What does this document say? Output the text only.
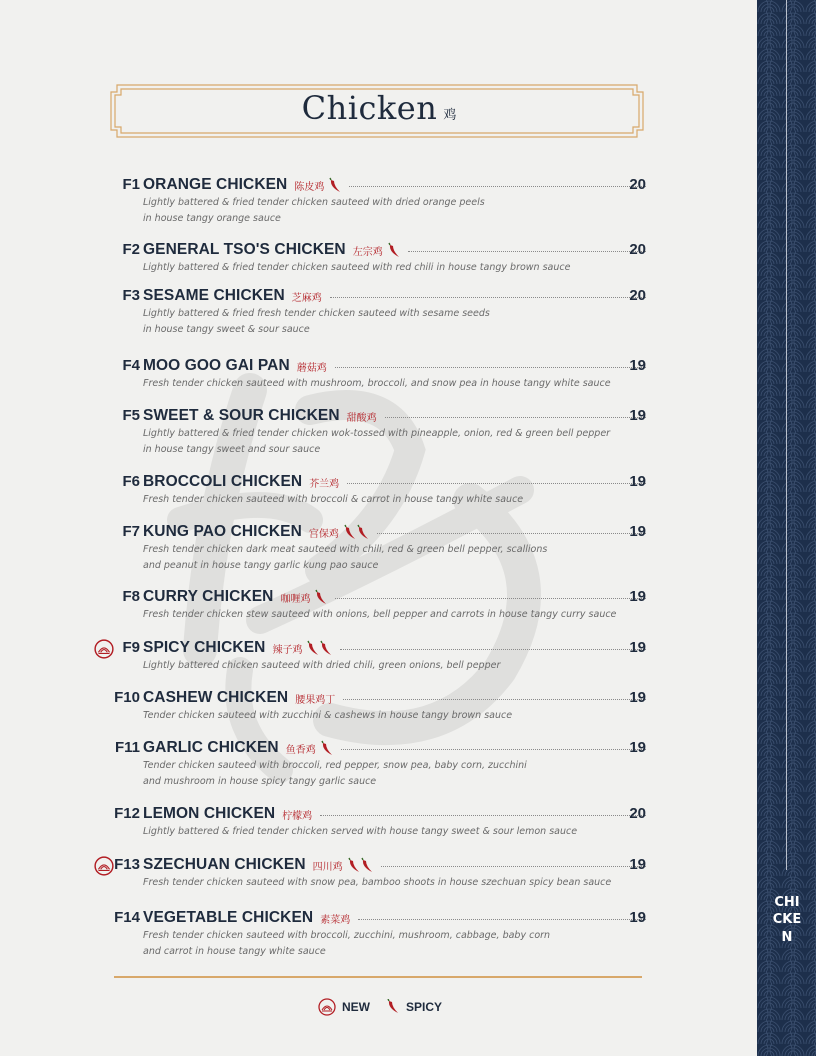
Chicken 鸡
F1 ORANGE CHICKEN 陈皮鸡	20
Lightly battered & fried tender chicken sauteed with dried orange peels
in house tangy orange sauce
F2 GENERAL TSO'S CHICKEN 左宗鸡	20
Lightly battered & fried tender chicken sauteed with red chili in house tangy brown sauce
F3 SESAME CHICKEN 芝麻鸡	20
Lightly battered & fried fresh tender chicken sauteed with sesame seeds
in house tangy sweet & sour sauce
F4 MOO GOO GAI PAN 蘑菇鸡	19
Fresh tender chicken sauteed with mushroom, broccoli, and snow pea in house tangy white sauce
F5 SWEET & SOUR CHICKEN 甜酸鸡	19
Lightly battered & fried tender chicken wok-tossed with pineapple, onion, red & green bell pepper
in house tangy sweet and sour sauce
F6 BROCCOLI CHICKEN 芥兰鸡	19
Fresh tender chicken sauteed with broccoli & carrot in house tangy white sauce
F7 KUNG PAO CHICKEN 宫保鸡	19
Fresh tender chicken dark meat sauteed with chili, red & green bell pepper, scallions
and peanut in house tangy garlic kung pao sauce
F8 CURRY CHICKEN 咖喱鸡	19
Fresh tender chicken stew sauteed with onions, bell pepper and carrots in house tangy curry sauce
F9 SPICY CHICKEN 辣子鸡	19
Lightly battered chicken sauteed with dried chili, green onions, bell pepper
F10 CASHEW CHICKEN 腰果鸡丁	19
Tender chicken sauteed with zucchini & cashews in house tangy brown sauce
F11 GARLIC CHICKEN 鱼香鸡	19
Tender chicken sauteed with broccoli, red pepper, snow pea, baby corn, zucchini
and mushroom in house spicy tangy garlic sauce
F12 LEMON CHICKEN 柠檬鸡	20
Lightly battered & fried tender chicken served with house tangy sweet & sour lemon sauce
F13 SZECHUAN CHICKEN 四川鸡	19
Fresh tender chicken sauteed with snow pea, bamboo shoots in house szechuan spicy bean sauce
F14 VEGETABLE CHICKEN 素菜鸡	19
Fresh tender chicken sauteed with broccoli, zucchini, mushroom, cabbage, baby corn
and carrot in house tangy white sauce
NEW	SPICY
CHICKEN
